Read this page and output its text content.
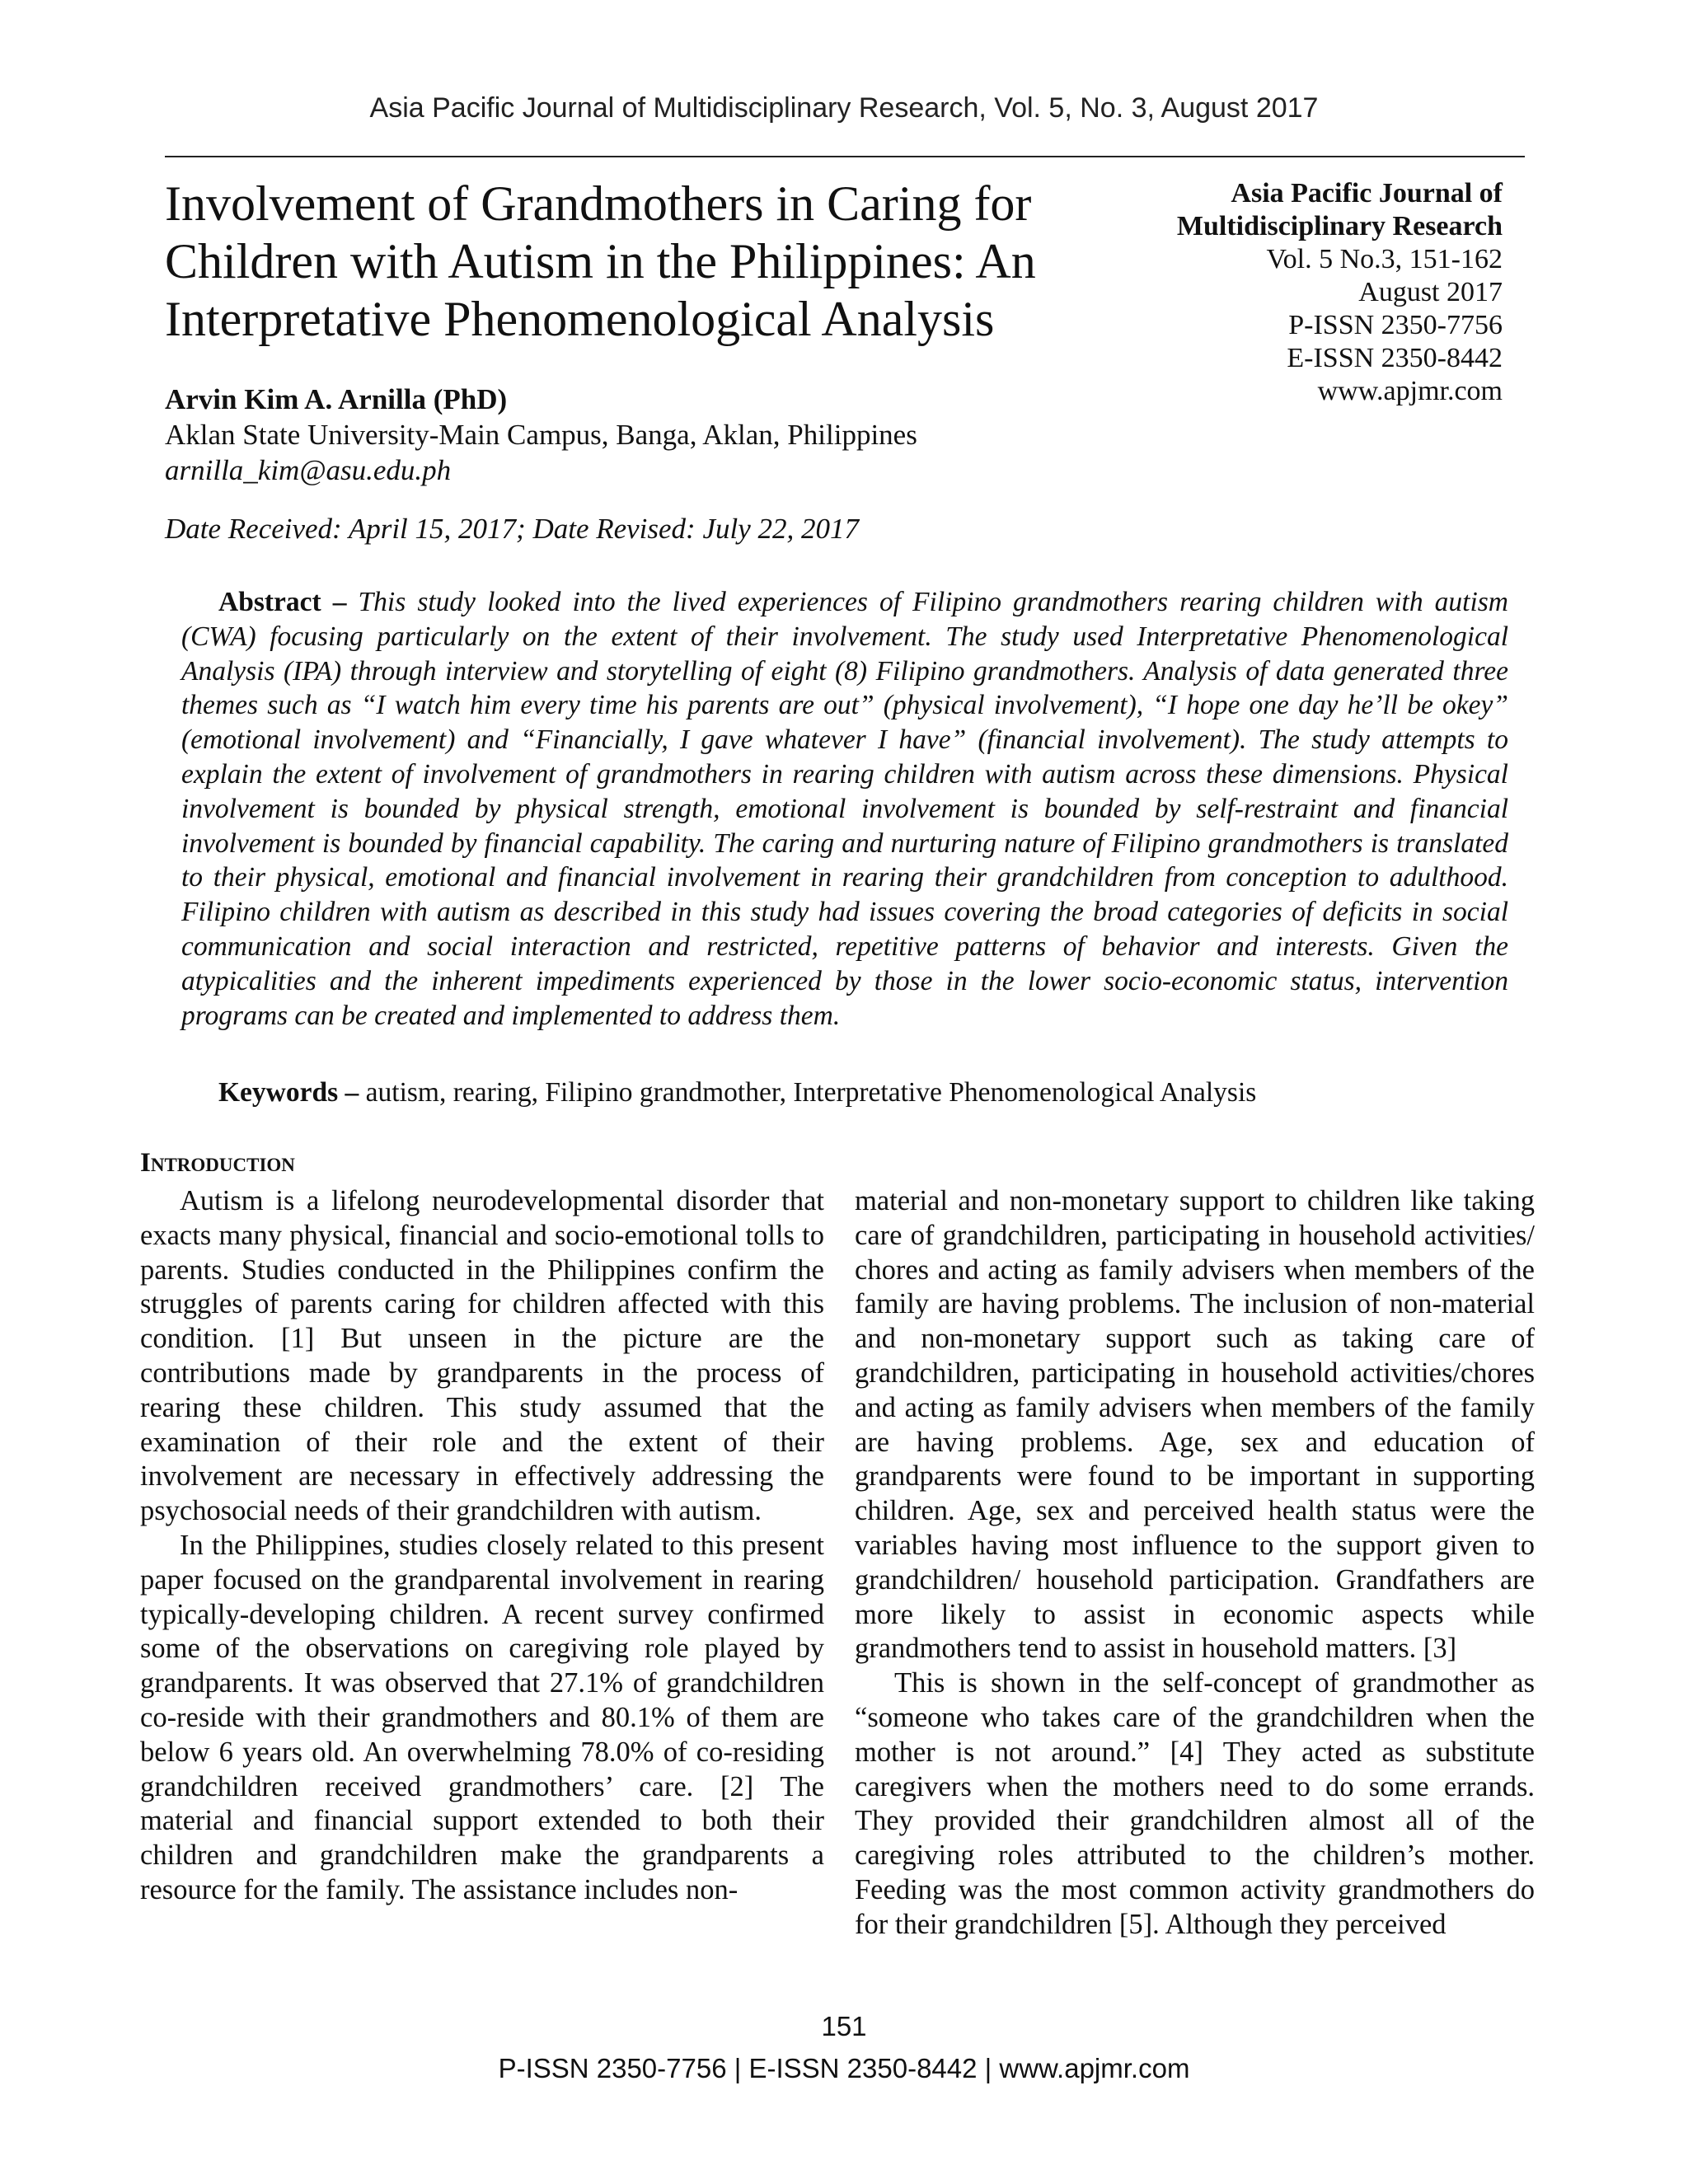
Asia Pacific Journal of Multidisciplinary Research, Vol. 5, No. 3, August 2017
Involvement of Grandmothers in Caring for Children with Autism in the Philippines: An Interpretative Phenomenological Analysis
Asia Pacific Journal of
Multidisciplinary Research
Vol. 5 No.3, 151-162
August 2017
P-ISSN 2350-7756
E-ISSN 2350-8442
www.apjmr.com
Arvin Kim A. Arnilla (PhD)
Aklan State University-Main Campus, Banga, Aklan, Philippines
arnilla_kim@asu.edu.ph
Date Received: April 15, 2017; Date Revised: July 22, 2017

Abstract – This study looked into the lived experiences of Filipino grandmothers rearing children with autism (CWA) focusing particularly on the extent of their involvement. The study used Interpretative Phenomenological Analysis (IPA) through interview and storytelling of eight (8) Filipino grandmothers. Analysis of data generated three themes such as “I watch him every time his parents are out” (physical involvement), “I hope one day he’ll be okey” (emotional involvement) and “Financially, I gave whatever I have” (financial involvement). The study attempts to explain the extent of involvement of grandmothers in rearing children with autism across these dimensions. Physical involvement is bounded by physical strength, emotional involvement is bounded by self-restraint and financial involvement is bounded by financial capability. The caring and nurturing nature of Filipino grandmothers is translated to their physical, emotional and financial involvement in rearing their grandchildren from conception to adulthood. Filipino children with autism as described in this study had issues covering the broad categories of deficits in social communication and social interaction and restricted, repetitive patterns of behavior and interests. Given the atypicalities and the inherent impediments experienced by those in the lower socio-economic status, intervention programs can be created and implemented to address them.

Keywords – autism, rearing, Filipino grandmother, Interpretative Phenomenological Analysis

Introduction

Autism is a lifelong neurodevelopmental disorder that exacts many physical, financial and socio-emotional tolls to parents. Studies conducted in the Philippines confirm the struggles of parents caring for children affected with this condition. [1] But unseen in the picture are the contributions made by grandparents in the process of rearing these children. This study assumed that the examination of their role and the extent of their involvement are necessary in effectively addressing the psychosocial needs of their grandchildren with autism.

In the Philippines, studies closely related to this present paper focused on the grandparental involvement in rearing typically-developing children. A recent survey confirmed some of the observations on caregiving role played by grandparents. It was observed that 27.1% of grandchildren co-reside with their grandmothers and 80.1% of them are below 6 years old. An overwhelming 78.0% of co-residing grandchildren received grandmothers’ care. [2] The material and financial support extended to both their children and grandchildren make the grandparents a resource for the family. The assistance includes non-

material and non-monetary support to children like taking care of grandchildren, participating in household activities/ chores and acting as family advisers when members of the family are having problems. The inclusion of non-material and non-monetary support such as taking care of grandchildren, participating in household activities/chores and acting as family advisers when members of the family are having problems. Age, sex and education of grandparents were found to be important in supporting children. Age, sex and perceived health status were the variables having most influence to the support given to grandchildren/ household participation. Grandfathers are more likely to assist in economic aspects while grandmothers tend to assist in household matters. [3]

This is shown in the self-concept of grandmother as “someone who takes care of the grandchildren when the mother is not around.” [4] They acted as substitute caregivers when the mothers need to do some errands. They provided their grandchildren almost all of the caregiving roles attributed to the children’s mother. Feeding was the most common activity grandmothers do for their grandchildren [5]. Although they perceived

151
P-ISSN 2350-7756 | E-ISSN 2350-8442 | www.apjmr.com
